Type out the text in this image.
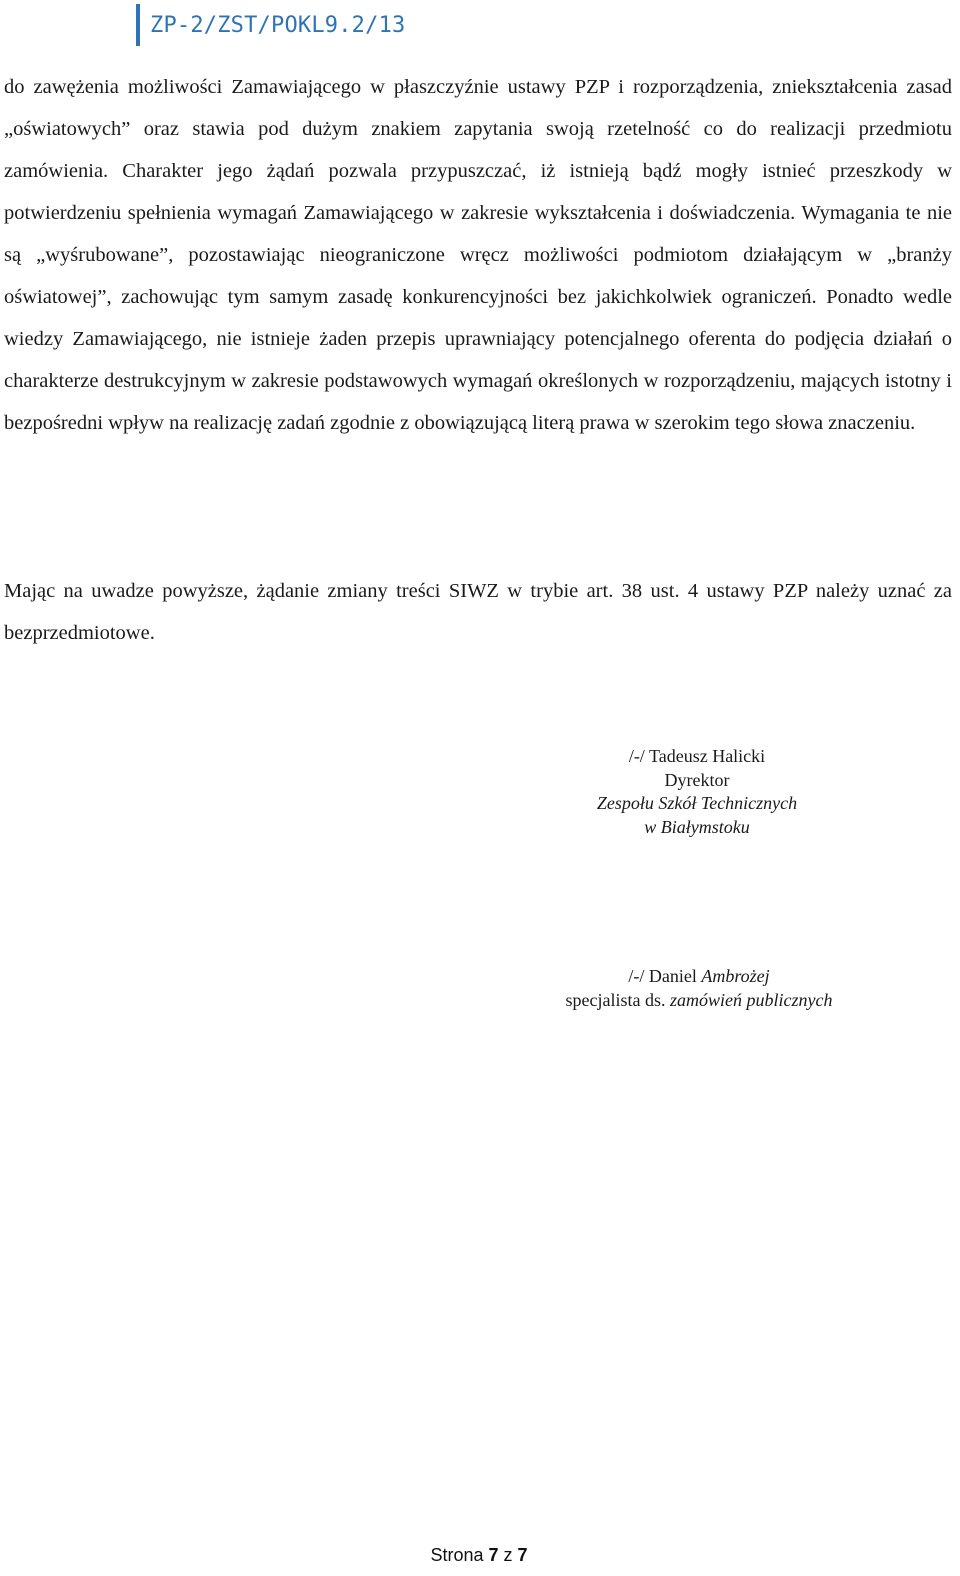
ZP-2/ZST/POKL9.2/13

do zawężenia możliwości Zamawiającego w płaszczyźnie ustawy PZP i rozporządzenia, zniekształcenia zasad „oświatowych” oraz stawia pod dużym znakiem zapytania swoją rzetelność co do realizacji przedmiotu zamówienia. Charakter jego żądań pozwala przypuszczać, iż istnieją bądź mogły istnieć przeszkody w potwierdzeniu spełnienia wymagań Zamawiającego w zakresie wykształcenia i doświadczenia. Wymagania te nie są „wyśrubowane”, pozostawiając nieograniczone wręcz możliwości podmiotom działającym w „branży oświatowej”, zachowując tym samym zasadę konkurencyjności bez jakichkolwiek ograniczeń. Ponadto wedle wiedzy Zamawiającego, nie istnieje żaden przepis uprawniający potencjalnego oferenta do podjęcia działań o charakterze destrukcyjnym w zakresie podstawowych wymagań określonych w rozporządzeniu, mających istotny i bezpośredni wpływ na realizację zadań zgodnie z obowiązującą literą prawa w szerokim tego słowa znaczeniu.

Mając na uwadze powyższe, żądanie zmiany treści SIWZ w trybie art. 38 ust. 4 ustawy PZP należy uznać za bezprzedmiotowe.

/-/ Tadeusz Halicki
Dyrektor
Zespołu Szkół Technicznych
w Białymstoku
/-/ Daniel Ambrożej
specjalista ds. zamówień publicznych
Strona 7 z 7
